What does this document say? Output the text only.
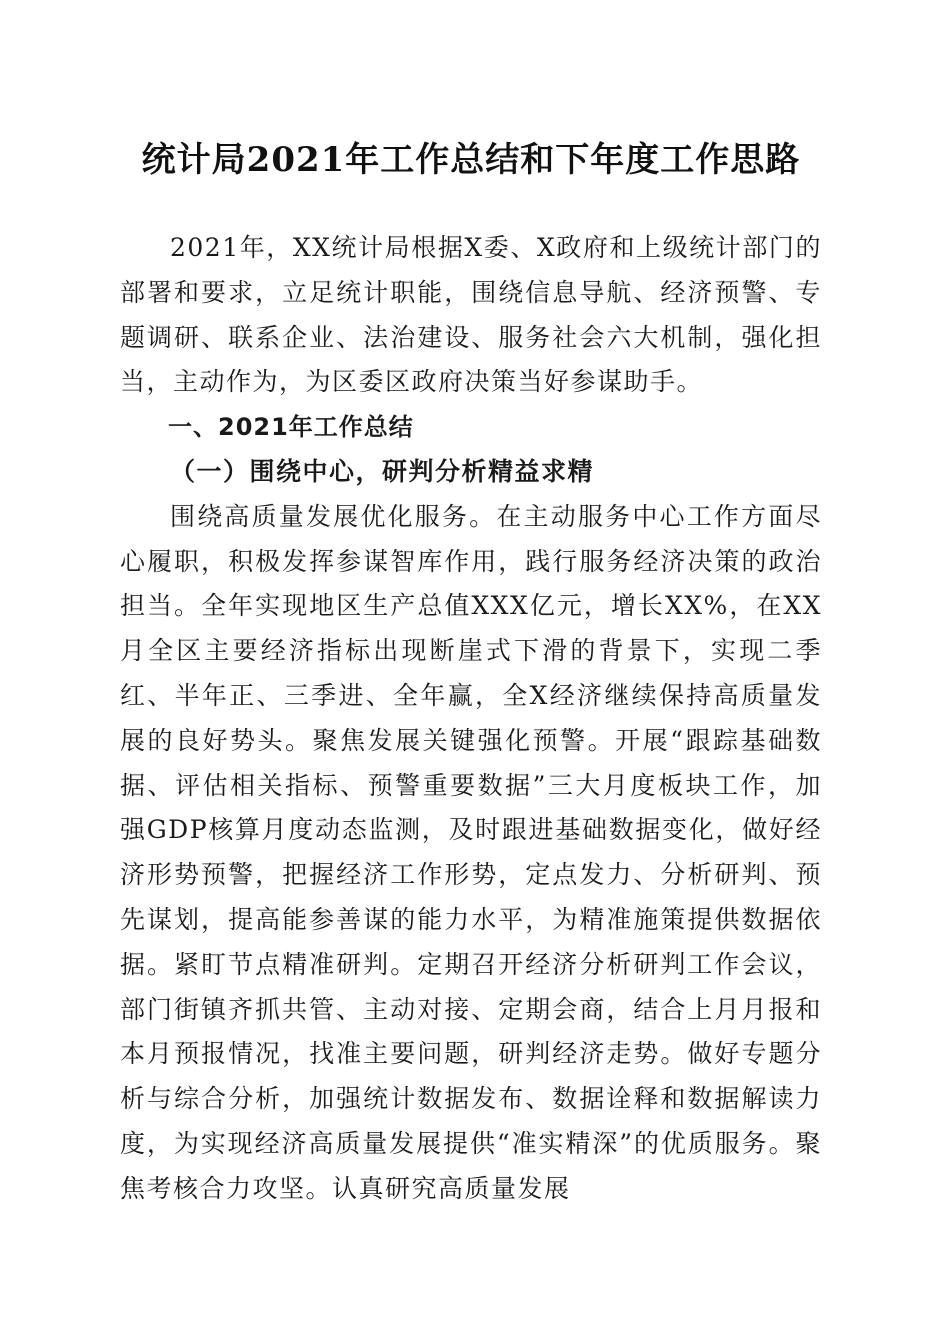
统计局2021年工作总结和下年度工作思路

2021年，XX统计局根据X委、X政府和上级统计部门的部署和要求，立足统计职能，围绕信息导航、经济预警、专题调研、联系企业、法治建设、服务社会六大机制，强化担当，主动作为，为区委区政府决策当好参谋助手。

一、2021年工作总结

（一）围绕中心，研判分析精益求精

围绕高质量发展优化服务。在主动服务中心工作方面尽心履职，积极发挥参谋智库作用，践行服务经济决策的政治担当。全年实现地区生产总值XXX亿元，增长XX%，在XX月全区主要经济指标出现断崖式下滑的背景下，实现二季红、半年正、三季进、全年赢，全X经济继续保持高质量发展的良好势头。聚焦发展关键强化预警。开展“跟踪基础数据、评估相关指标、预警重要数据”三大月度板块工作，加强GDP核算月度动态监测，及时跟进基础数据变化，做好经济形势预警，把握经济工作形势，定点发力、分析研判、预先谋划，提高能参善谋的能力水平，为精准施策提供数据依据。紧盯节点精准研判。定期召开经济分析研判工作会议，部门街镇齐抓共管、主动对接、定期会商，结合上月月报和本月预报情况，找准主要问题，研判经济走势。做好专题分析与综合分析，加强统计数据发布、数据诠释和数据解读力度，为实现经济高质量发展提供“准实精深”的优质服务。聚焦考核合力攻坚。认真研究高质量发展
